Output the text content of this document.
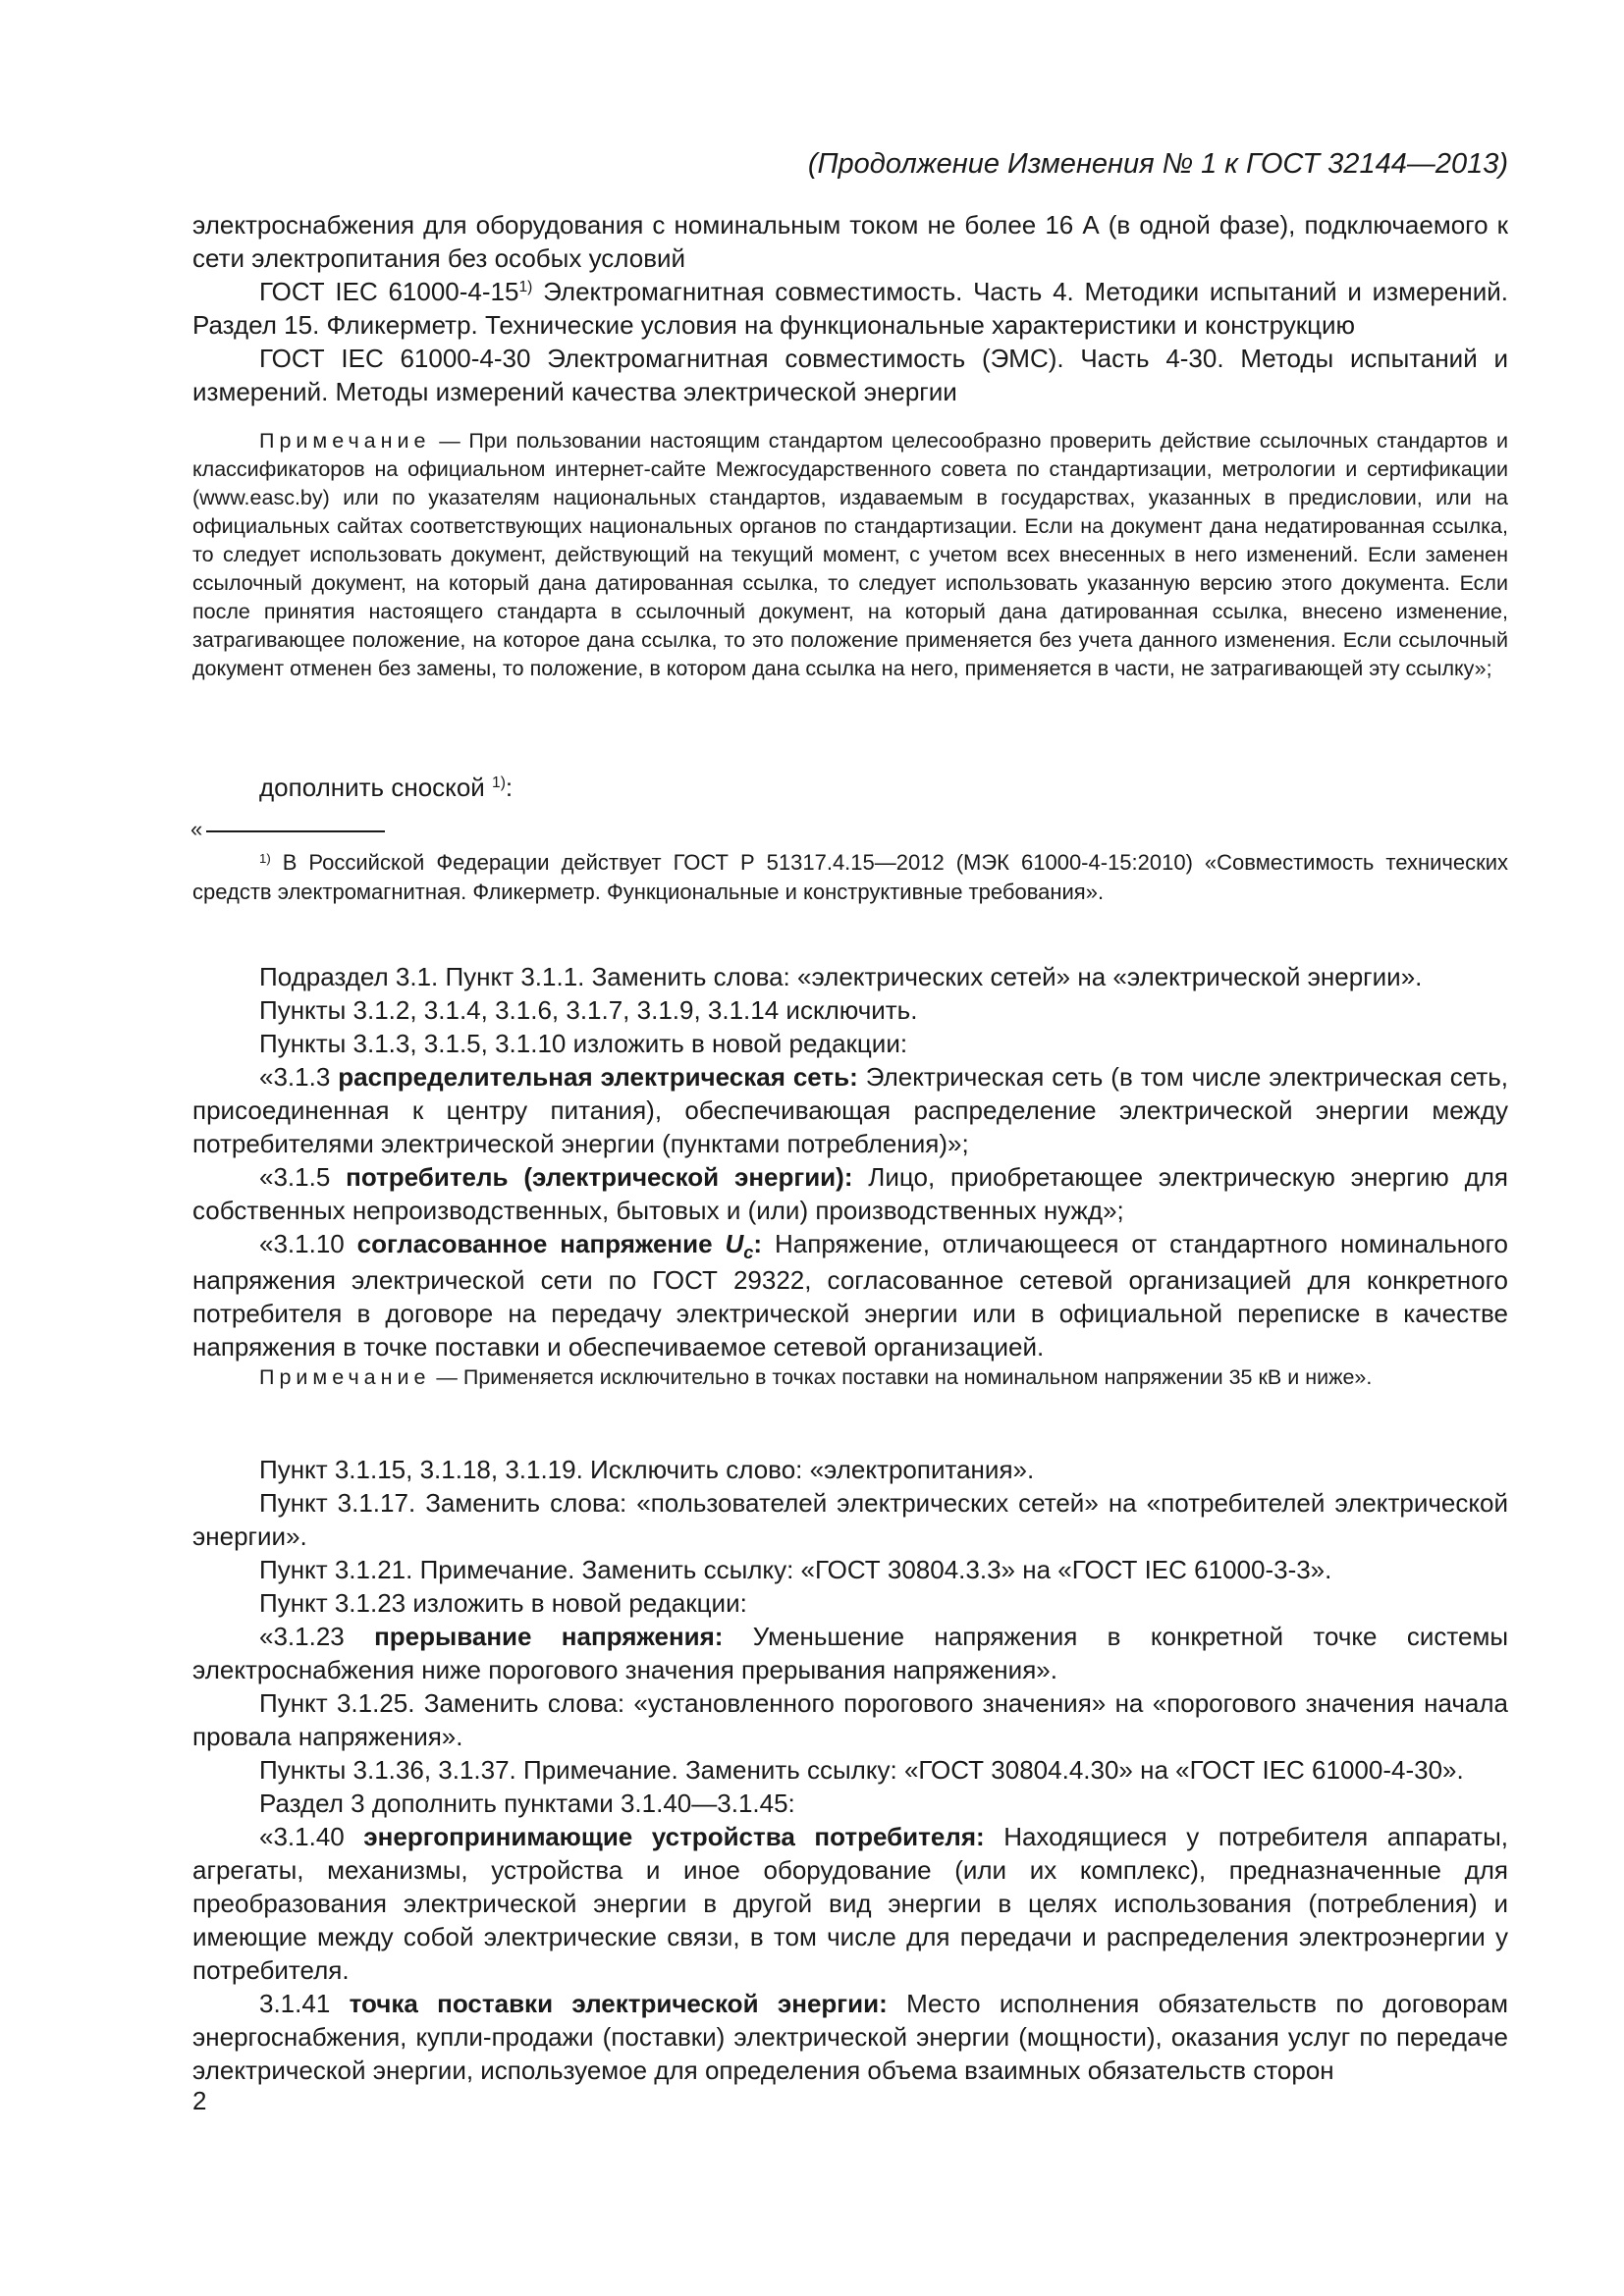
(Продолжение Изменения № 1 к ГОСТ 32144—2013)

электроснабжения для оборудования с номинальным током не более 16 А (в одной фазе), подключаемого к сети электропитания без особых условий

ГОСТ IEC 61000-4-15$^{1)}$ Электромагнитная совместимость. Часть 4. Методики испытаний и измерений. Раздел 15. Фликерметр. Технические условия на функциональные характеристики и конструкцию

ГОСТ IEC 61000-4-30 Электромагнитная совместимость (ЭМС). Часть 4-30. Методы испытаний и измерений. Методы измерений качества электрической энергии

Примечание — При пользовании настоящим стандартом целесообразно проверить действие ссылочных стандартов и классификаторов на официальном интернет-сайте Межгосударственного совета по стандартизации, метрологии и сертификации (www.easc.by) или по указателям национальных стандартов, издаваемым в государствах, указанных в предисловии, или на официальных сайтах соответствующих национальных органов по стандартизации. Если на документ дана недатированная ссылка, то следует использовать документ, действующий на текущий момент, с учетом всех внесенных в него изменений. Если заменен ссылочный документ, на который дана датированная ссылка, то следует использовать указанную версию этого документа. Если после принятия настоящего стандарта в ссылочный документ, на который дана датированная ссылка, внесено изменение, затрагивающее положение, на которое дана ссылка, то это положение применяется без учета данного изменения. Если ссылочный документ отменен без замены, то положение, в котором дана ссылка на него, применяется в части, не затрагивающей эту ссылку»;

дополнить сноской $^{1)}$:

«

$^{1)}$ В Российской Федерации действует ГОСТ Р 51317.4.15—2012 (МЭК 61000-4-15:2010) «Совместимость технических средств электромагнитная. Фликерметр. Функциональные и конструктивные требования».

Подраздел 3.1. Пункт 3.1.1. Заменить слова: «электрических сетей» на «электрической энергии».

Пункты 3.1.2, 3.1.4, 3.1.6, 3.1.7, 3.1.9, 3.1.14 исключить.

Пункты 3.1.3, 3.1.5, 3.1.10 изложить в новой редакции:

«3.1.3 распределительная электрическая сеть: Электрическая сеть (в том числе электрическая сеть, присоединенная к центру питания), обеспечивающая распределение электрической энергии между потребителями электрической энергии (пунктами потребления)»;

«3.1.5 потребитель (электрической энергии): Лицо, приобретающее электрическую энергию для собственных непроизводственных, бытовых и (или) производственных нужд»;

«3.1.10 согласованное напряжение $U_c$: Напряжение, отличающееся от стандартного номинального напряжения электрической сети по ГОСТ 29322, согласованное сетевой организацией для конкретного потребителя в договоре на передачу электрической энергии или в официальной переписке в качестве напряжения в точке поставки и обеспечиваемое сетевой организацией.

Примечание — Применяется исключительно в точках поставки на номинальном напряжении 35 кВ и ниже».

Пункт 3.1.15, 3.1.18, 3.1.19. Исключить слово: «электропитания».

Пункт 3.1.17. Заменить слова: «пользователей электрических сетей» на «потребителей электрической энергии».

Пункт 3.1.21. Примечание. Заменить ссылку: «ГОСТ 30804.3.3» на «ГОСТ IEC 61000-3-3».

Пункт 3.1.23 изложить в новой редакции:

«3.1.23 прерывание напряжения: Уменьшение напряжения в конкретной точке системы электроснабжения ниже порогового значения прерывания напряжения».

Пункт 3.1.25. Заменить слова: «установленного порогового значения» на «порогового значения начала провала напряжения».

Пункты 3.1.36, 3.1.37. Примечание. Заменить ссылку: «ГОСТ 30804.4.30» на «ГОСТ IEC 61000-4-30».

Раздел 3 дополнить пунктами 3.1.40—3.1.45:

«3.1.40 энергопринимающие устройства потребителя: Находящиеся у потребителя аппараты, агрегаты, механизмы, устройства и иное оборудование (или их комплекс), предназначенные для преобразования электрической энергии в другой вид энергии в целях использования (потребления) и имеющие между собой электрические связи, в том числе для передачи и распределения электроэнергии у потребителя.

3.1.41 точка поставки электрической энергии: Место исполнения обязательств по договорам энергоснабжения, купли-продажи (поставки) электрической энергии (мощности), оказания услуг по передаче электрической энергии, используемое для определения объема взаимных обязательств сторон

2
